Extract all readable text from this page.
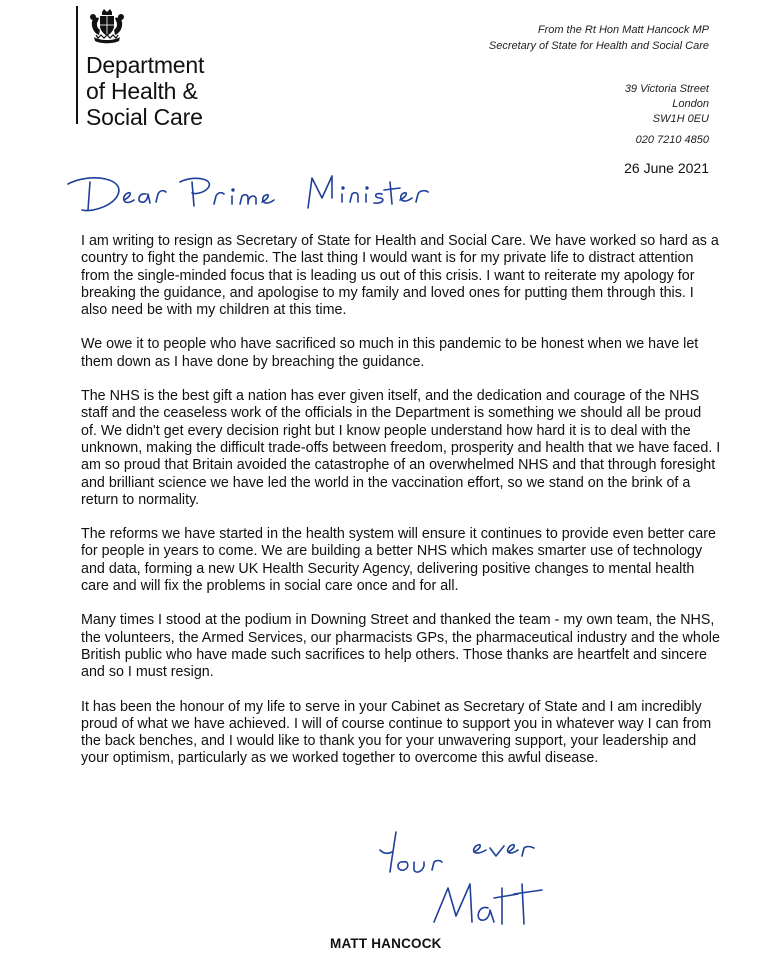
Department
of Health &
Social Care
From the Rt Hon Matt Hancock MP
Secretary of State for Health and Social Care
39 Victoria Street
London
SW1H 0EU
020 7210 4850
26 June 2021

I am writing to resign as Secretary of State for Health and Social Care. We have worked so hard as a country to fight the pandemic. The last thing I would want is for my private life to distract attention from the single-minded focus that is leading us out of this crisis. I want to reiterate my apology for breaking the guidance, and apologise to my family and loved ones for putting them through this. I also need be with my children at this time.

We owe it to people who have sacrificed so much in this pandemic to be honest when we have let them down as I have done by breaching the guidance.

The NHS is the best gift a nation has ever given itself, and the dedication and courage of the NHS staff and the ceaseless work of the officials in the Department is something we should all be proud of. We didn't get every decision right but I know people understand how hard it is to deal with the unknown, making the difficult trade-offs between freedom, prosperity and health that we have faced. I am so proud that Britain avoided the catastrophe of an overwhelmed NHS and that through foresight and brilliant science we have led the world in the vaccination effort, so we stand on the brink of a return to normality.

The reforms we have started in the health system will ensure it continues to provide even better care for people in years to come. We are building a better NHS which makes smarter use of technology and data, forming a new UK Health Security Agency, delivering positive changes to mental health care and will fix the problems in social care once and for all.

Many times I stood at the podium in Downing Street and thanked the team - my own team, the NHS, the volunteers, the Armed Services, our pharmacists GPs, the pharmaceutical industry and the whole British public who have made such sacrifices to help others. Those thanks are heartfelt and sincere and so I must resign.

It has been the honour of my life to serve in your Cabinet as Secretary of State and I am incredibly proud of what we have achieved. I will of course continue to support you in whatever way I can from the back benches, and I would like to thank you for your unwavering support, your leadership and your optimism, particularly as we worked together to overcome this awful disease.

MATT HANCOCK
